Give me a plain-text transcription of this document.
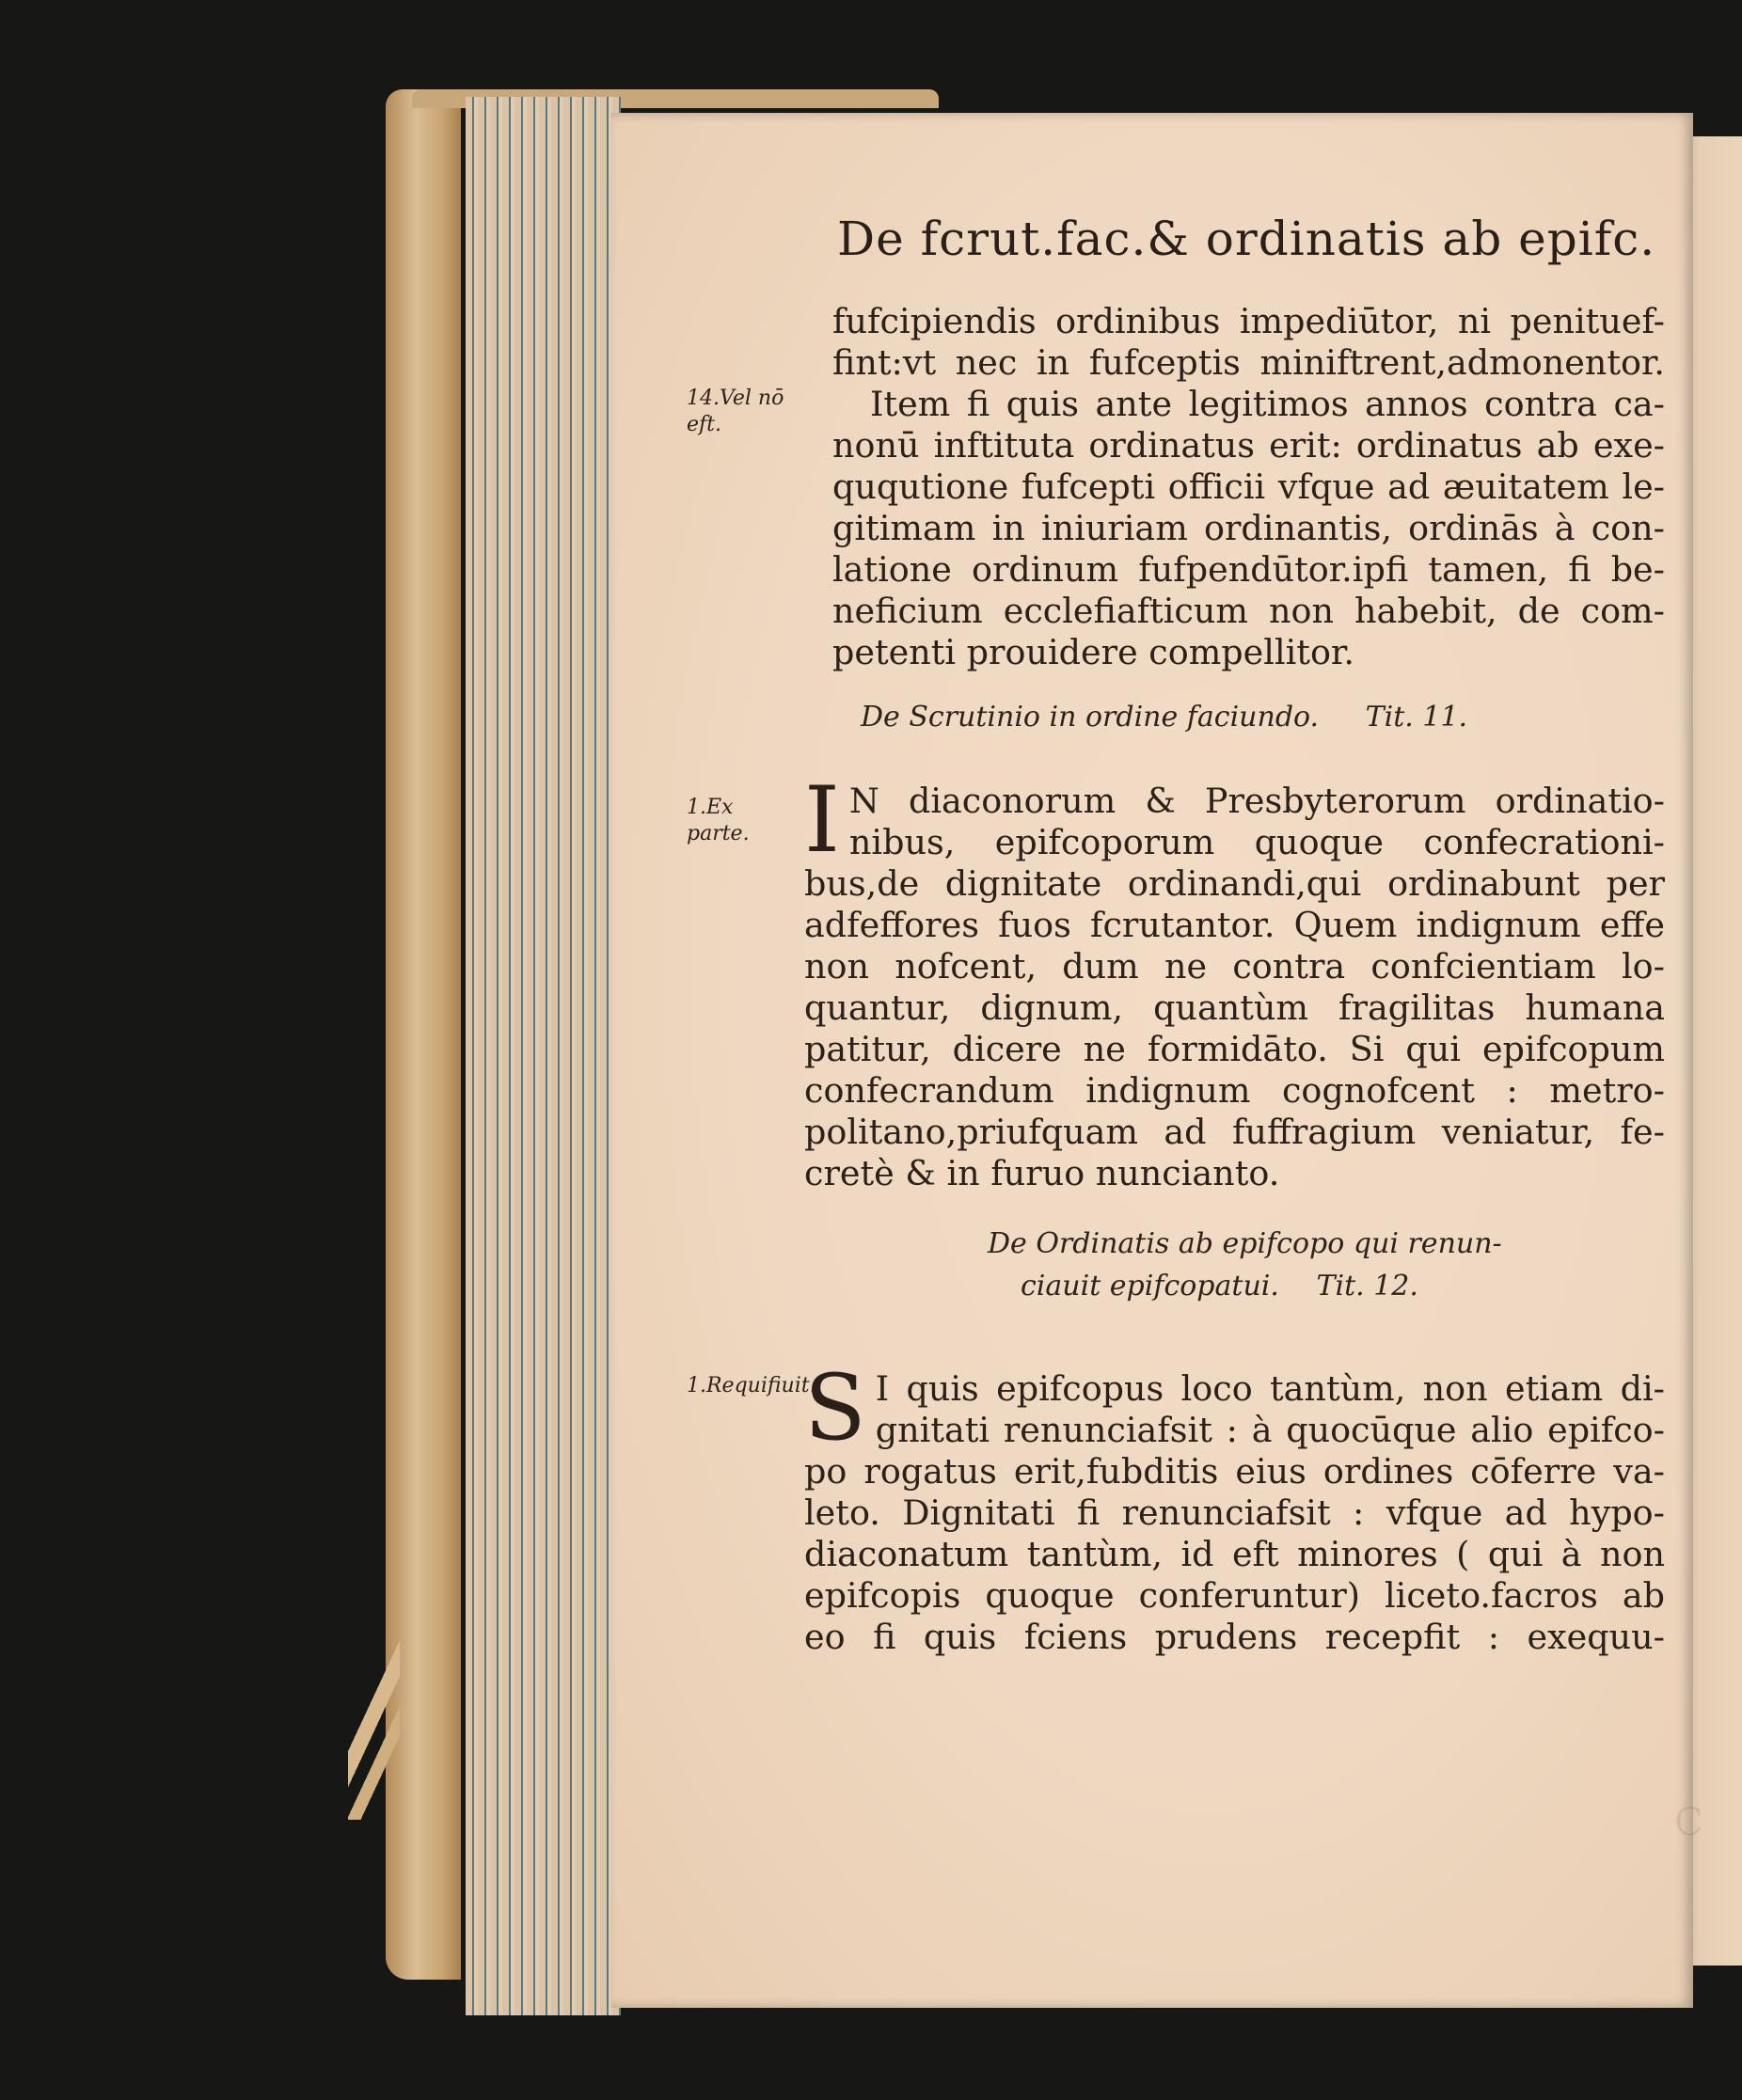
De fcrut.fac.& ordinatis ab epifc.

14.Vel nō eft.

fufcipiendis ordinibus impediūtor, ni penituef-
fint:vt nec in fufceptis miniftrent,admonentor.
Item fi quis ante legitimos annos contra ca-
nonū inftituta ordinatus erit: ordinatus ab exe-
ququtione fufcepti officii vfque ad æuitatem le-
gitimam in iniuriam ordinantis, ordinās à con-
latione ordinum fufpendūtor.ipfi tamen, fi be-
neficium ecclefiafticum non habebit, de com-
petenti prouidere compellitor.
De Scrutinio in ordine faciundo. Tit. 11.

1.Ex parte. I N diaconorum & Presbyterorum ordinatio-
nibus, epifcoporum quoque confecrationi-
bus,de dignitate ordinandi,qui ordinabunt per
adfeffores fuos fcrutantor. Quem indignum effe
non nofcent, dum ne contra confcientiam lo-
quantur, dignum, quantùm fragilitas humana
patitur, dicere ne formidāto. Si qui epifcopum
confecrandum indignum cognofcent : metro-
politano,priufquam ad fuffragium veniatur, fe-
cretè & in furuo nuncianto.
De Ordinatis ab epifcopo qui renun-
ciauit epifcopatui. Tit. 12.

1.Requifiuit.

S I quis epifcopus loco tantùm, non etiam di-
gnitati renunciafsit : à quocūque alio epifco-
po rogatus erit,fubditis eius ordines cōferre va-
leto. Dignitati fi renunciafsit : vfque ad hypo-
diaconatum tantùm, id eft minores ( qui à non
epifcopis quoque conferuntur) liceto.facros ab
eo fi quis fciens prudens recepfit : exequu-
C
